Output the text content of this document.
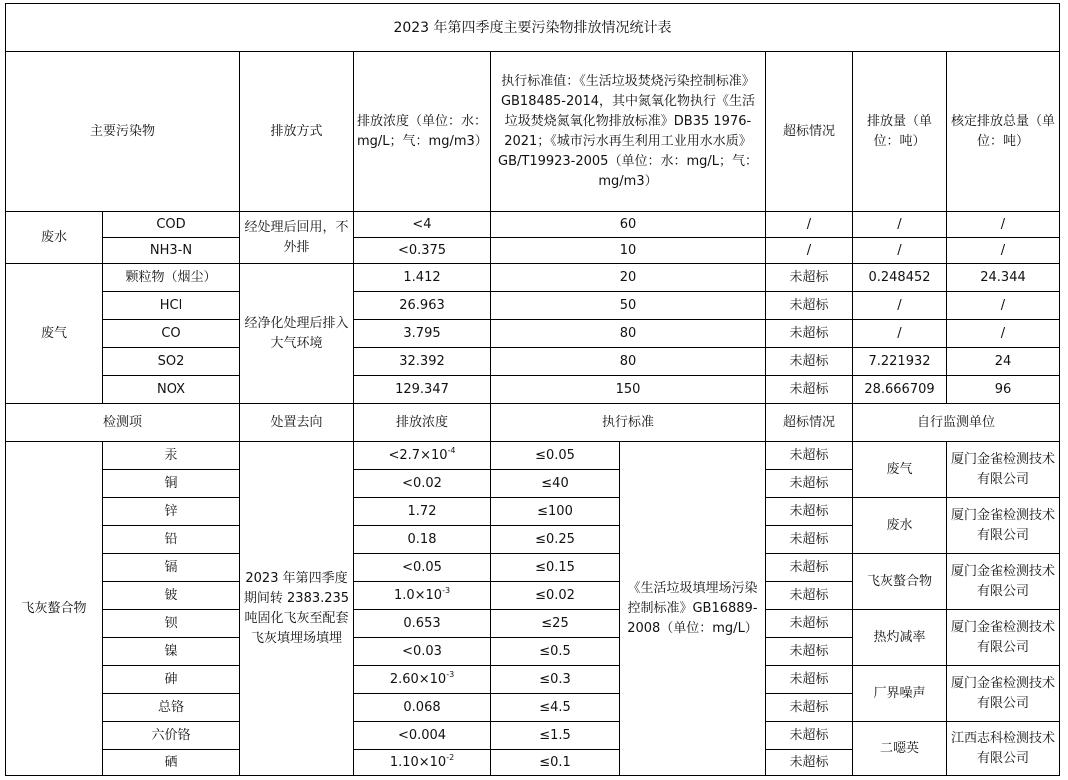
2023 年第四季度主要污染物排放情况统计表								
主要污染物		排放方式	排放浓度（单位：水：mg/L；气：mg/m3）	执行标准值：《生活垃圾焚烧污染控制标准》GB18485-2014，其中氮氧化物执行《生活垃圾焚烧氮氧化物排放标准》DB35 1976-2021；《城市污水再生利用工业用水水质》GB/T19923-2005（单位：水：mg/L；气：mg/m3）		超标情况	排放量（单位：吨）	核定排放总量（单位：吨）
废水	COD	经处理后回用，不外排	<4	60		/	/	/
	NH3-N		<0.375	10		/	/	/
废气	颗粒物（烟尘）	经净化处理后排入大气环境	1.412	20		未超标	0.248452	24.344
	HCl		26.963	50		未超标	/	/
	CO		3.795	80		未超标	/	/
	SO2		32.392	80		未超标	7.221932	24
	NOX		129.347	150		未超标	28.666709	96
检测项		处置去向	排放浓度	执行标准		超标情况	自行监测单位	
飞灰螯合物	汞	2023 年第四季度期间转 2383.235 吨固化飞灰至配套飞灰填埋场填埋	$<2.7\times 10^{-4}$	≤0.05	《生活垃圾填埋场污染控制标准》GB16889-2008（单位：mg/L）	未超标	废气	厦门金雀检测技术有限公司
	铜		<0.02	≤40		未超标		
	锌		1.72	≤100		未超标	废水	厦门金雀检测技术有限公司
	铅		0.18	≤0.25		未超标		
	镉		<0.05	≤0.15		未超标	飞灰螯合物	厦门金雀检测技术有限公司
	铍		$1.0\times 10^{-3}$	≤0.02		未超标		
	钡		0.653	≤25		未超标	热灼减率	厦门金雀检测技术有限公司
	镍		<0.03	≤0.5		未超标		
	砷		$2.60\times 10^{-3}$	≤0.3		未超标	厂界噪声	厦门金雀检测技术有限公司
	总铬		0.068	≤4.5		未超标		
	六价铬		<0.004	≤1.5		未超标	二噁英	江西志科检测技术有限公司
	硒		$1.10\times 10^{-2}$	≤0.1		未超标		
